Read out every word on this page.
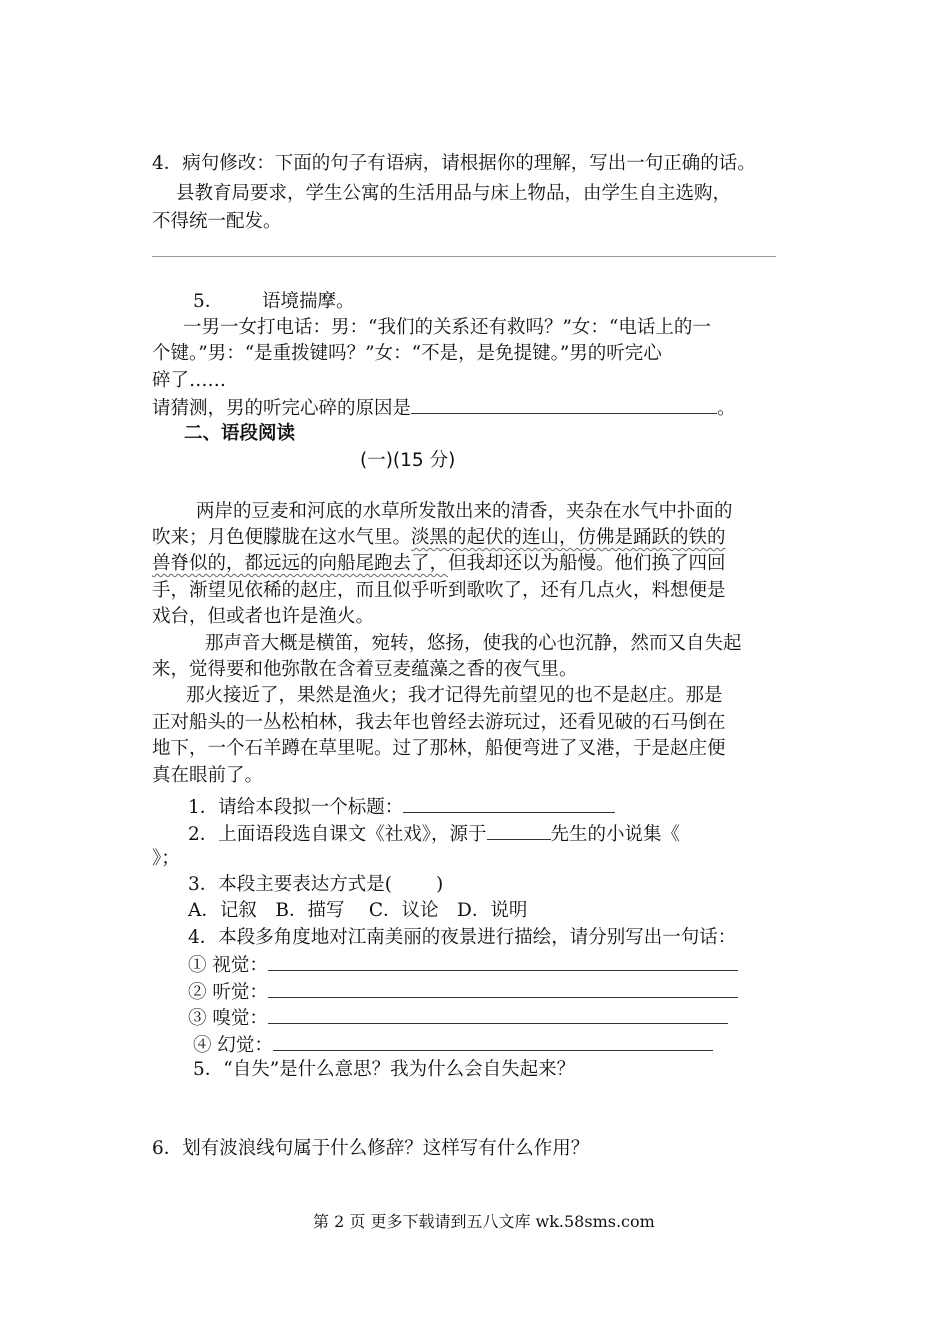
4．病句修改：下面的句子有语病，请根据你的理解，写出一句正确的话。
县教育局要求，学生公寓的生活用品与床上物品，由学生自主选购，
不得统一配发。
5． 语境揣摩。
一男一女打电话：男：“我们的关系还有救吗？”女：“电话上的一
个键。”男：“是重拨键吗？”女：“不是，是免提键。”男的听完心
碎了……
请猜测，男的听完心碎的原因是	。
二、语段阅读
(一)(15 分)
两岸的豆麦和河底的水草所发散出来的清香，夹杂在水气中扑面的
吹来；月色便朦胧在这水气里。淡黑的起伏的连山，仿佛是踊跃的铁的
兽脊似的，都远远的向船尾跑去了，但我却还以为船慢。他们换了四回
手，渐望见依稀的赵庄，而且似乎听到歌吹了，还有几点火，料想便是
戏台，但或者也许是渔火。
那声音大概是横笛，宛转，悠扬，使我的心也沉静，然而又自失起
来，觉得要和他弥散在含着豆麦蕴藻之香的夜气里。
那火接近了，果然是渔火；我才记得先前望见的也不是赵庄。那是
正对船头的一丛松柏林，我去年也曾经去游玩过，还看见破的石马倒在
地下，一个石羊蹲在草里呢。过了那林，船便弯进了叉港，于是赵庄便
真在眼前了。
1．请给本段拟一个标题：
2．上面语段选自课文《社戏》，源于	先生的小说集《
》；
3．本段主要表达方式是( )
A．记叙　B．描写　 C．议论　D．说明
4．本段多角度地对江南美丽的夜景进行描绘，请分别写出一句话：
① 视觉：
② 听觉：
③ 嗅觉：
④ 幻觉：
5．“自失”是什么意思？我为什么会自失起来？
6．划有波浪线句属于什么修辞？这样写有什么作用？
第 2 页 更多下载请到五八文库 wk.58sms.com
